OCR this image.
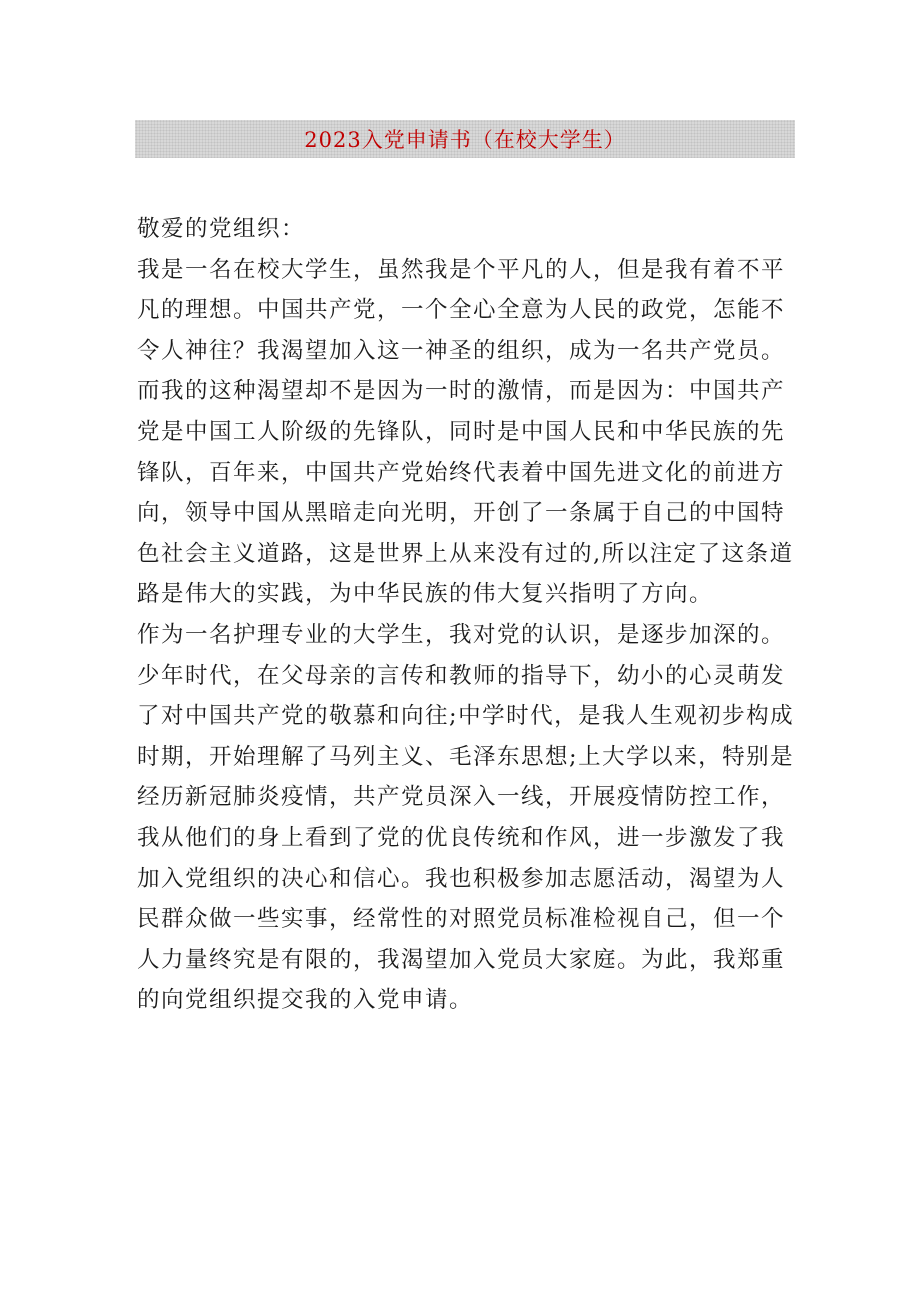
2023入党申请书（在校大学生）

敬爱的党组织：

我是一名在校大学生，虽然我是个平凡的人，但是我有着不平凡的理想。中国共产党，一个全心全意为人民的政党，怎能不令人神往？我渴望加入这一神圣的组织，成为一名共产党员。而我的这种渴望却不是因为一时的激情，而是因为：中国共产党是中国工人阶级的先锋队，同时是中国人民和中华民族的先锋队，百年来，中国共产党始终代表着中国先进文化的前进方向，领导中国从黑暗走向光明，开创了一条属于自己的中国特色社会主义道路，这是世界上从来没有过的,所以注定了这条道路是伟大的实践，为中华民族的伟大复兴指明了方向。

作为一名护理专业的大学生，我对党的认识，是逐步加深的。少年时代，在父母亲的言传和教师的指导下，幼小的心灵萌发了对中国共产党的敬慕和向往;中学时代，是我人生观初步构成时期，开始理解了马列主义、毛泽东思想;上大学以来，特别是经历新冠肺炎疫情，共产党员深入一线，开展疫情防控工作，我从他们的身上看到了党的优良传统和作风，进一步激发了我加入党组织的决心和信心。我也积极参加志愿活动，渴望为人民群众做一些实事，经常性的对照党员标准检视自己，但一个人力量终究是有限的，我渴望加入党员大家庭。为此，我郑重的向党组织提交我的入党申请。
